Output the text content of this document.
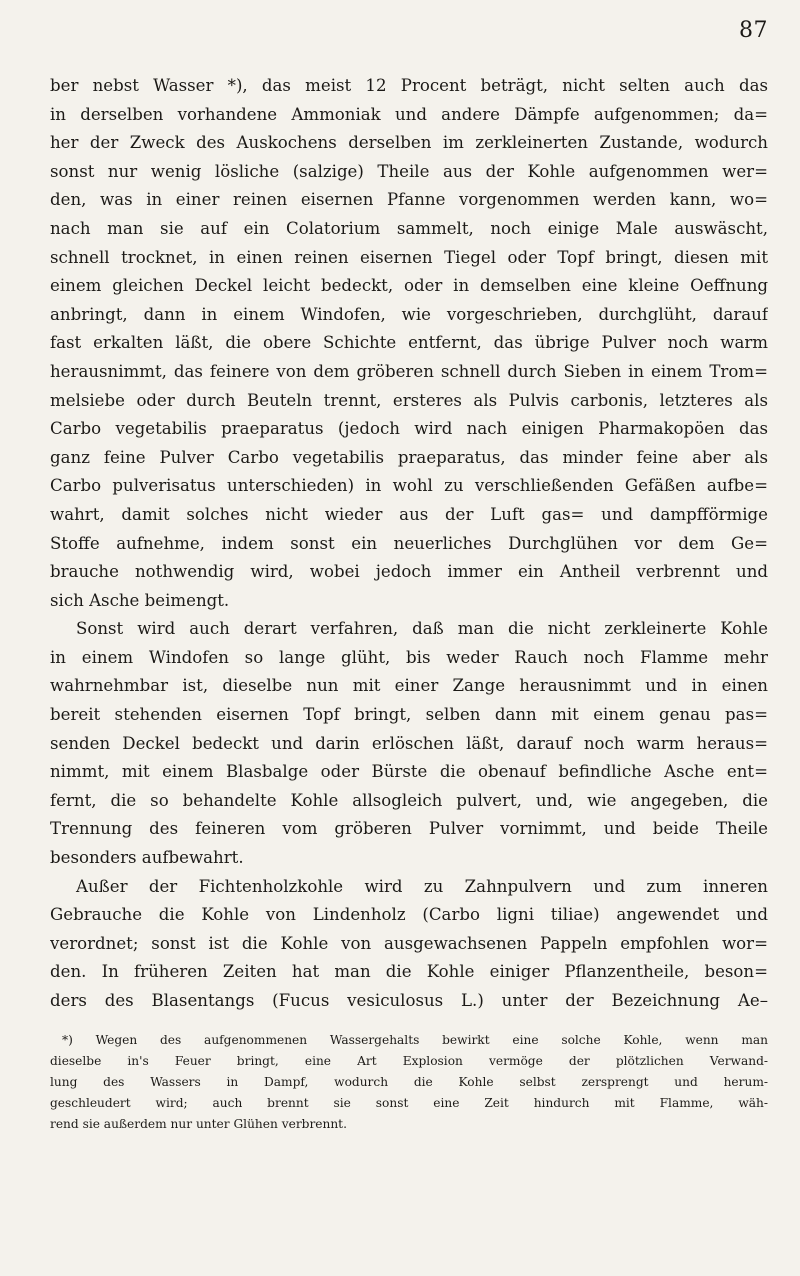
87
ber nebst Wasser *), das meist 12 Procent beträgt, nicht selten auch das
in derselben vorhandene Ammoniak und andere Dämpfe aufgenommen; da=
her der Zweck des Auskochens derselben im zerkleinerten Zustande, wodurch
sonst nur wenig lösliche (salzige) Theile aus der Kohle aufgenommen wer=
den, was in einer reinen eisernen Pfanne vorgenommen werden kann, wo=
nach man sie auf ein Colatorium sammelt, noch einige Male auswäscht,
schnell trocknet, in einen reinen eisernen Tiegel oder Topf bringt, diesen mit
einem gleichen Deckel leicht bedeckt, oder in demselben eine kleine Oeffnung
anbringt, dann in einem Windofen, wie vorgeschrieben, durchglüht, darauf
fast erkalten läßt, die obere Schichte entfernt, das übrige Pulver noch warm
herausnimmt, das feinere von dem gröberen schnell durch Sieben in einem Trom=
melsiebe oder durch Beuteln trennt, ersteres als Pulvis carbonis, letzteres als
Carbo vegetabilis praeparatus (jedoch wird nach einigen Pharmakopöen das
ganz feine Pulver Carbo vegetabilis praeparatus, das minder feine aber als
Carbo pulverisatus unterschieden) in wohl zu verschließenden Gefäßen aufbe=
wahrt, damit solches nicht wieder aus der Luft gas= und dampfförmige
Stoffe aufnehme, indem sonst ein neuerliches Durchglühen vor dem Ge=
brauche nothwendig wird, wobei jedoch immer ein Antheil verbrennt und
sich Asche beimengt.
Sonst wird auch derart verfahren, daß man die nicht zerkleinerte Kohle
in einem Windofen so lange glüht, bis weder Rauch noch Flamme mehr
wahrnehmbar ist, dieselbe nun mit einer Zange herausnimmt und in einen
bereit stehenden eisernen Topf bringt, selben dann mit einem genau pas=
senden Deckel bedeckt und darin erlöschen läßt, darauf noch warm heraus=
nimmt, mit einem Blasbalge oder Bürste die obenauf befindliche Asche ent=
fernt, die so behandelte Kohle allsogleich pulvert, und, wie angegeben, die
Trennung des feineren vom gröberen Pulver vornimmt, und beide Theile
besonders aufbewahrt.
Außer der Fichtenholzkohle wird zu Zahnpulvern und zum inneren
Gebrauche die Kohle von Lindenholz (Carbo ligni tiliae) angewendet und
verordnet; sonst ist die Kohle von ausgewachsenen Pappeln empfohlen wor=
den. In früheren Zeiten hat man die Kohle einiger Pflanzentheile, beson=
ders des Blasentangs (Fucus vesiculosus L.) unter der Bezeichnung Ae–
*) Wegen des aufgenommenen Wassergehalts bewirkt eine solche Kohle, wenn man
dieselbe in's Feuer bringt, eine Art Explosion vermöge der plötzlichen Verwand-
lung des Wassers in Dampf, wodurch die Kohle selbst zersprengt und herum-
geschleudert wird; auch brennt sie sonst eine Zeit hindurch mit Flamme, wäh-
rend sie außerdem nur unter Glühen verbrennt.
